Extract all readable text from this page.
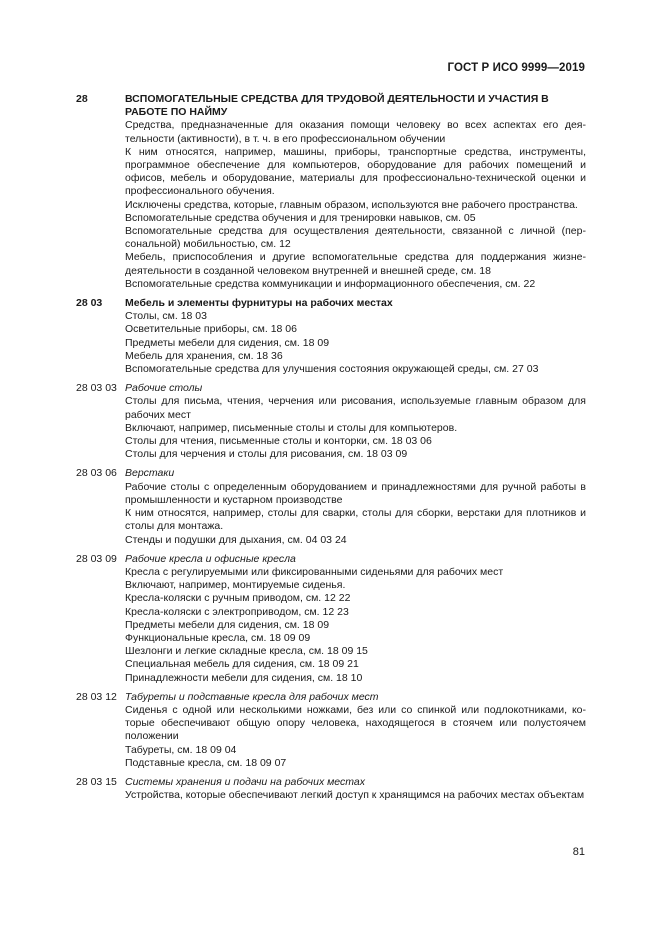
ГОСТ Р ИСО 9999—2019
28	ВСПОМОГАТЕЛЬНЫЕ СРЕДСТВА ДЛЯ ТРУДОВОЙ ДЕЯТЕЛЬНОСТИ И УЧАСТИЯ В РАБОТЕ ПО НАЙМУ

Средства, предназначенные для оказания помощи человеку во всех аспектах его деятельности (активности), в т. ч. в его профессиональном обучении

К ним относятся, например, машины, приборы, транспортные средства, инструменты, программное обеспечение для компьютеров, оборудование для рабочих помещений и офисов, мебель и оборудование, материалы для профессионально-технической оценки и профессионального обучения.

Исключены средства, которые, главным образом, используются вне рабочего пространства.

Вспомогательные средства обучения и для тренировки навыков, см. 05

Вспомогательные средства для осуществления деятельности, связанной с личной (персональной) мобильностью, см. 12

Мебель, приспособления и другие вспомогательные средства для поддержания жизнедеятельности в созданной человеком внутренней и внешней среде, см. 18

Вспомогательные средства коммуникации и информационного обеспечения, см. 22

28 03	Мебель и элементы фурнитуры на рабочих местах

Столы, см. 18 03

Осветительные приборы, см. 18 06

Предметы мебели для сидения, см. 18 09

Мебель для хранения, см. 18 36

Вспомогательные средства для улучшения состояния окружающей среды, см. 27 03

28 03 03 Рабочие столы

Столы для письма, чтения, черчения или рисования, используемые главным образом для рабочих мест

Включают, например, письменные столы и столы для компьютеров.

Столы для чтения, письменные столы и конторки, см. 18 03 06

Столы для черчения и столы для рисования, см. 18 03 09

28 03 06 Верстаки

Рабочие столы с определенным оборудованием и принадлежностями для ручной работы в промышленности и кустарном производстве

К ним относятся, например, столы для сварки, столы для сборки, верстаки для плотников и столы для монтажа.

Стенды и подушки для дыхания, см. 04 03 24

28 03 09 Рабочие кресла и офисные кресла

Кресла с регулируемыми или фиксированными сиденьями для рабочих мест

Включают, например, монтируемые сиденья.

Кресла-коляски с ручным приводом, см. 12 22

Кресла-коляски с электроприводом, см. 12 23

Предметы мебели для сидения, см. 18 09

Функциональные кресла, см. 18 09 09

Шезлонги и легкие складные кресла, см. 18 09 15

Специальная мебель для сидения, см. 18 09 21

Принадлежности мебели для сидения, см. 18 10

28 03 12 Табуреты и подставные кресла для рабочих мест

Сиденья с одной или несколькими ножками, без или со спинкой или подлокотниками, которые обеспечивают общую опору человека, находящегося в стоячем или полустоячем положении

Табуреты, см. 18 09 04

Подставные кресла, см. 18 09 07

28 03 15 Системы хранения и подачи на рабочих местах

Устройства, которые обеспечивают легкий доступ к хранящимся на рабочих местах объектам

81
